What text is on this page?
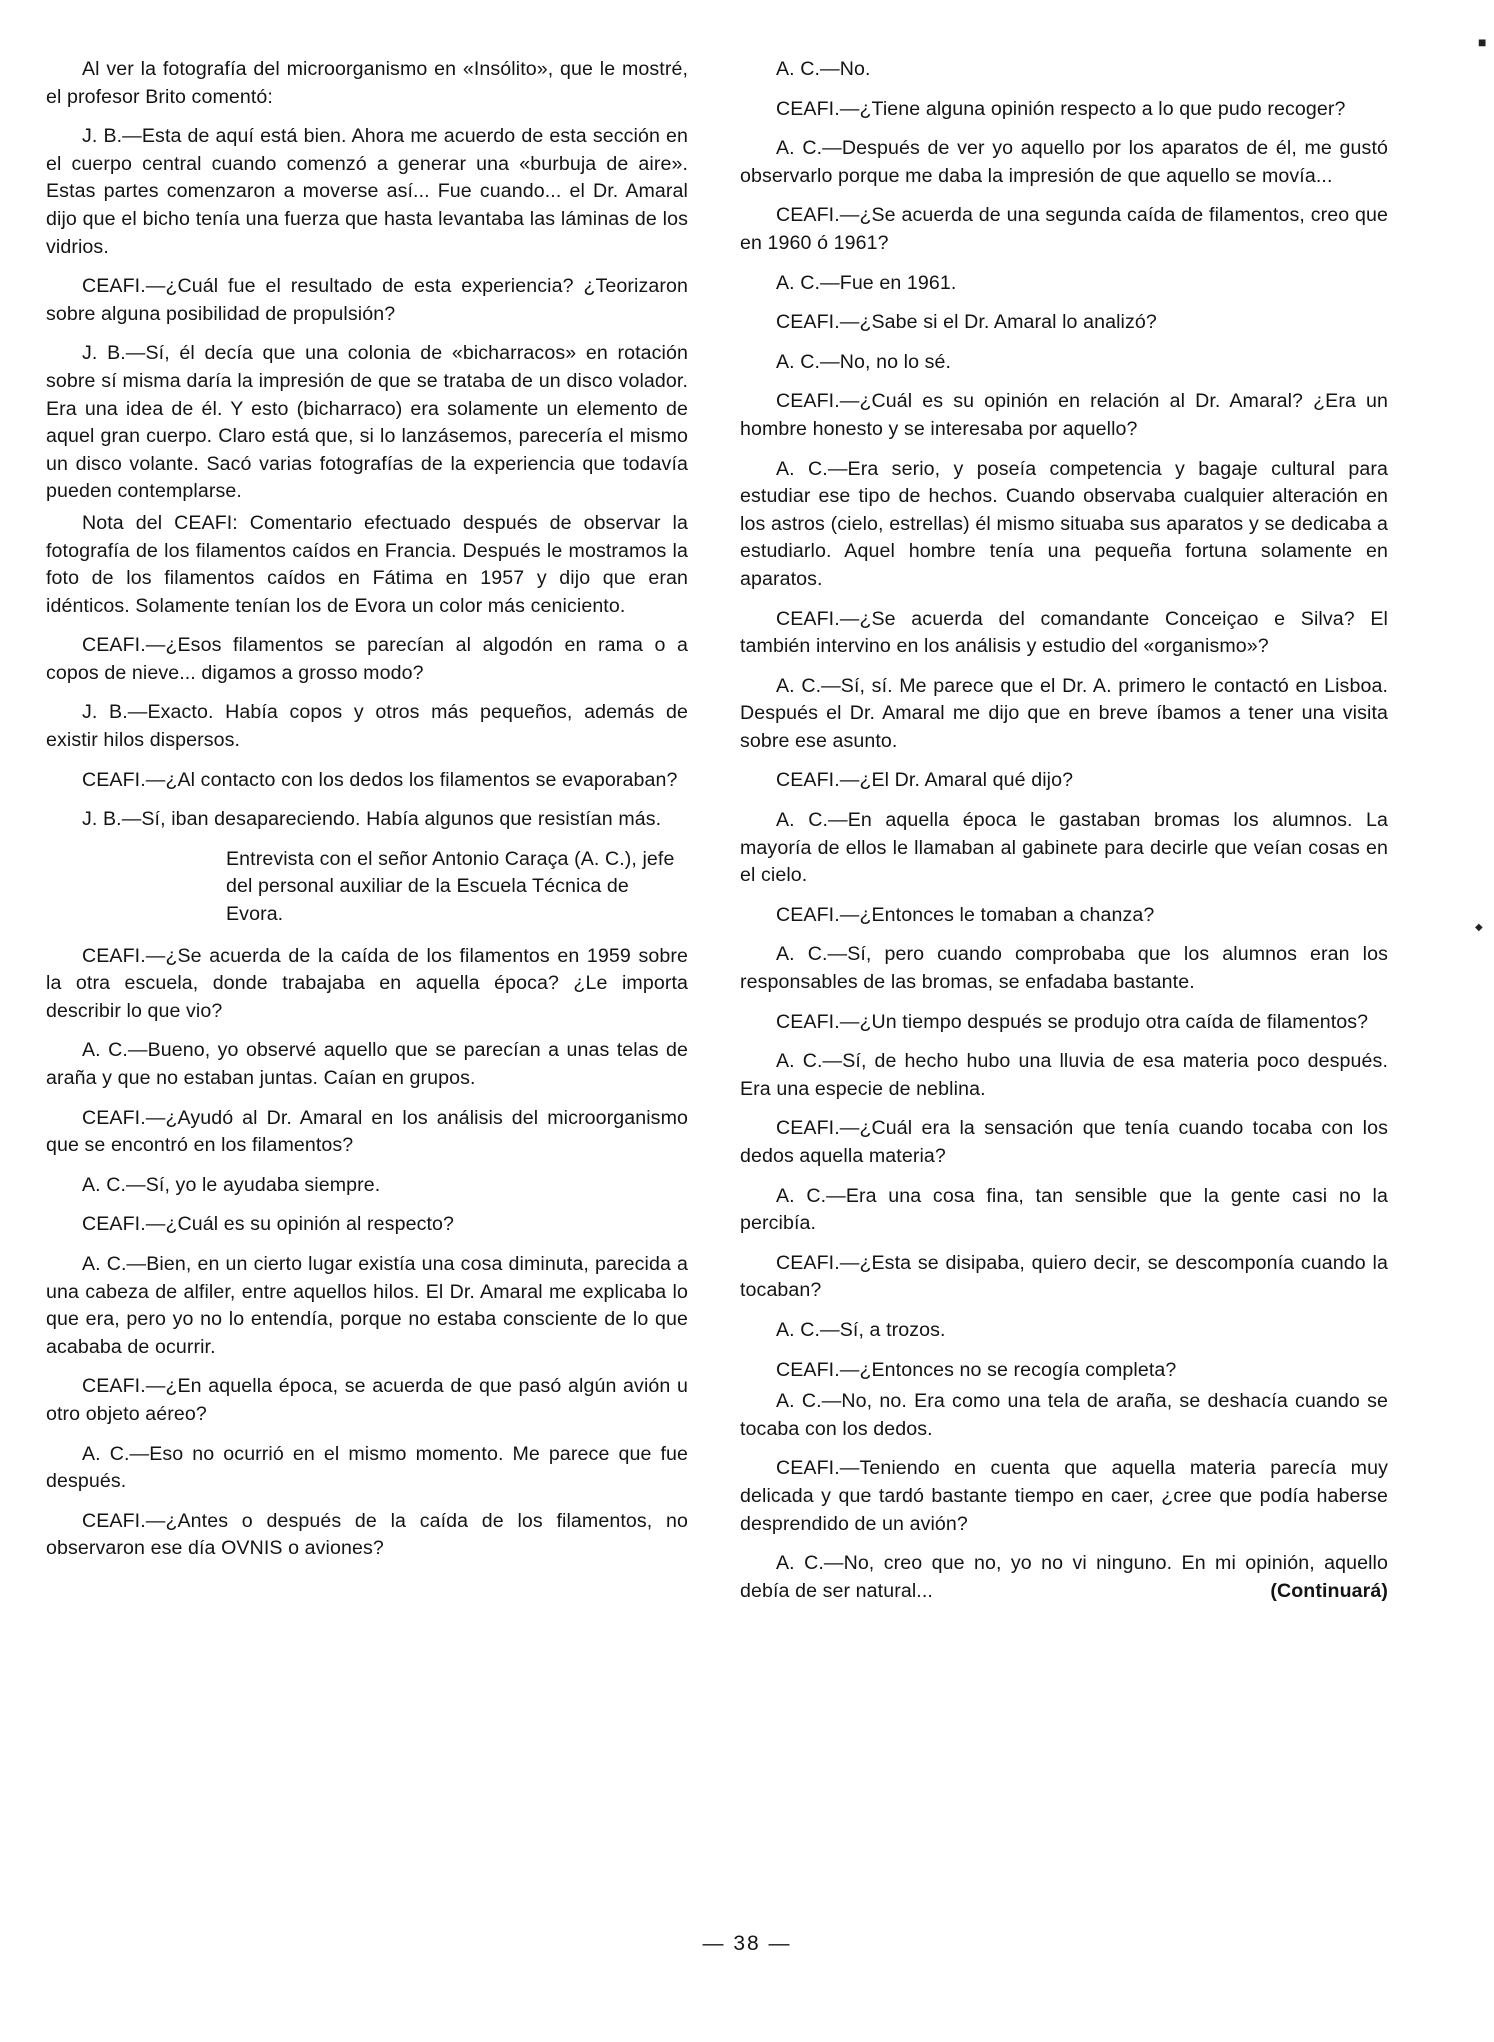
Al ver la fotografía del microorganismo en «Insólito», que le mostré, el profesor Brito comentó:

J. B.—Esta de aquí está bien. Ahora me acuerdo de esta sección en el cuerpo central cuando comenzó a generar una «burbuja de aire». Estas partes comenzaron a moverse así... Fue cuando... el Dr. Amaral dijo que el bicho tenía una fuerza que hasta levantaba las láminas de los vidrios.

CEAFI.—¿Cuál fue el resultado de esta experiencia? ¿Teorizaron sobre alguna posibilidad de propulsión?

J. B.—Sí, él decía que una colonia de «bicharracos» en rotación sobre sí misma daría la impresión de que se trataba de un disco volador. Era una idea de él. Y esto (bicharraco) era solamente un elemento de aquel gran cuerpo. Claro está que, si lo lanzásemos, parecería el mismo un disco volante. Sacó varias fotografías de la experiencia que todavía pueden contemplarse.

Nota del CEAFI: Comentario efectuado después de observar la fotografía de los filamentos caídos en Francia. Después le mostramos la foto de los filamentos caídos en Fátima en 1957 y dijo que eran idénticos. Solamente tenían los de Evora un color más ceniciento.

CEAFI.—¿Esos filamentos se parecían al algodón en rama o a copos de nieve... digamos a grosso modo?

J. B.—Exacto. Había copos y otros más pequeños, además de existir hilos dispersos.

CEAFI.—¿Al contacto con los dedos los filamentos se evaporaban?

J. B.—Sí, iban desapareciendo. Había algunos que resistían más.

Entrevista con el señor Antonio Caraça (A. C.), jefe del personal auxiliar de la Escuela Técnica de Evora.

CEAFI.—¿Se acuerda de la caída de los filamentos en 1959 sobre la otra escuela, donde trabajaba en aquella época? ¿Le importa describir lo que vio?

A. C.—Bueno, yo observé aquello que se parecían a unas telas de araña y que no estaban juntas. Caían en grupos.

CEAFI.—¿Ayudó al Dr. Amaral en los análisis del microorganismo que se encontró en los filamentos?

A. C.—Sí, yo le ayudaba siempre.

CEAFI.—¿Cuál es su opinión al respecto?

A. C.—Bien, en un cierto lugar existía una cosa diminuta, parecida a una cabeza de alfiler, entre aquellos hilos. El Dr. Amaral me explicaba lo que era, pero yo no lo entendía, porque no estaba consciente de lo que acababa de ocurrir.

CEAFI.—¿En aquella época, se acuerda de que pasó algún avión u otro objeto aéreo?

A. C.—Eso no ocurrió en el mismo momento. Me parece que fue después.

CEAFI.—¿Antes o después de la caída de los filamentos, no observaron ese día OVNIS o aviones?

A. C.—No.

CEAFI.—¿Tiene alguna opinión respecto a lo que pudo recoger?

A. C.—Después de ver yo aquello por los aparatos de él, me gustó observarlo porque me daba la impresión de que aquello se movía...

CEAFI.—¿Se acuerda de una segunda caída de filamentos, creo que en 1960 ó 1961?

A. C.—Fue en 1961.

CEAFI.—¿Sabe si el Dr. Amaral lo analizó?

A. C.—No, no lo sé.

CEAFI.—¿Cuál es su opinión en relación al Dr. Amaral? ¿Era un hombre honesto y se interesaba por aquello?

A. C.—Era serio, y poseía competencia y bagaje cultural para estudiar ese tipo de hechos. Cuando observaba cualquier alteración en los astros (cielo, estrellas) él mismo situaba sus aparatos y se dedicaba a estudiarlo. Aquel hombre tenía una pequeña fortuna solamente en aparatos.

CEAFI.—¿Se acuerda del comandante Conceiçao e Silva? El también intervino en los análisis y estudio del «organismo»?

A. C.—Sí, sí. Me parece que el Dr. A. primero le contactó en Lisboa. Después el Dr. Amaral me dijo que en breve íbamos a tener una visita sobre ese asunto.

CEAFI.—¿El Dr. Amaral qué dijo?

A. C.—En aquella época le gastaban bromas los alumnos. La mayoría de ellos le llamaban al gabinete para decirle que veían cosas en el cielo.

CEAFI.—¿Entonces le tomaban a chanza?

A. C.—Sí, pero cuando comprobaba que los alumnos eran los responsables de las bromas, se enfadaba bastante.

CEAFI.—¿Un tiempo después se produjo otra caída de filamentos?

A. C.—Sí, de hecho hubo una lluvia de esa materia poco después. Era una especie de neblina.

CEAFI.—¿Cuál era la sensación que tenía cuando tocaba con los dedos aquella materia?

A. C.—Era una cosa fina, tan sensible que la gente casi no la percibía.

CEAFI.—¿Esta se disipaba, quiero decir, se descomponía cuando la tocaban?

A. C.—Sí, a trozos.

CEAFI.—¿Entonces no se recogía completa?

A. C.—No, no. Era como una tela de araña, se deshacía cuando se tocaba con los dedos.

CEAFI.—Teniendo en cuenta que aquella materia parecía muy delicada y que tardó bastante tiempo en caer, ¿cree que podía haberse desprendido de un avión?

A. C.—No, creo que no, yo no vi ninguno. En mi opinión, aquello debía de ser natural...	(Continuará)

■
◆
— 38 —
